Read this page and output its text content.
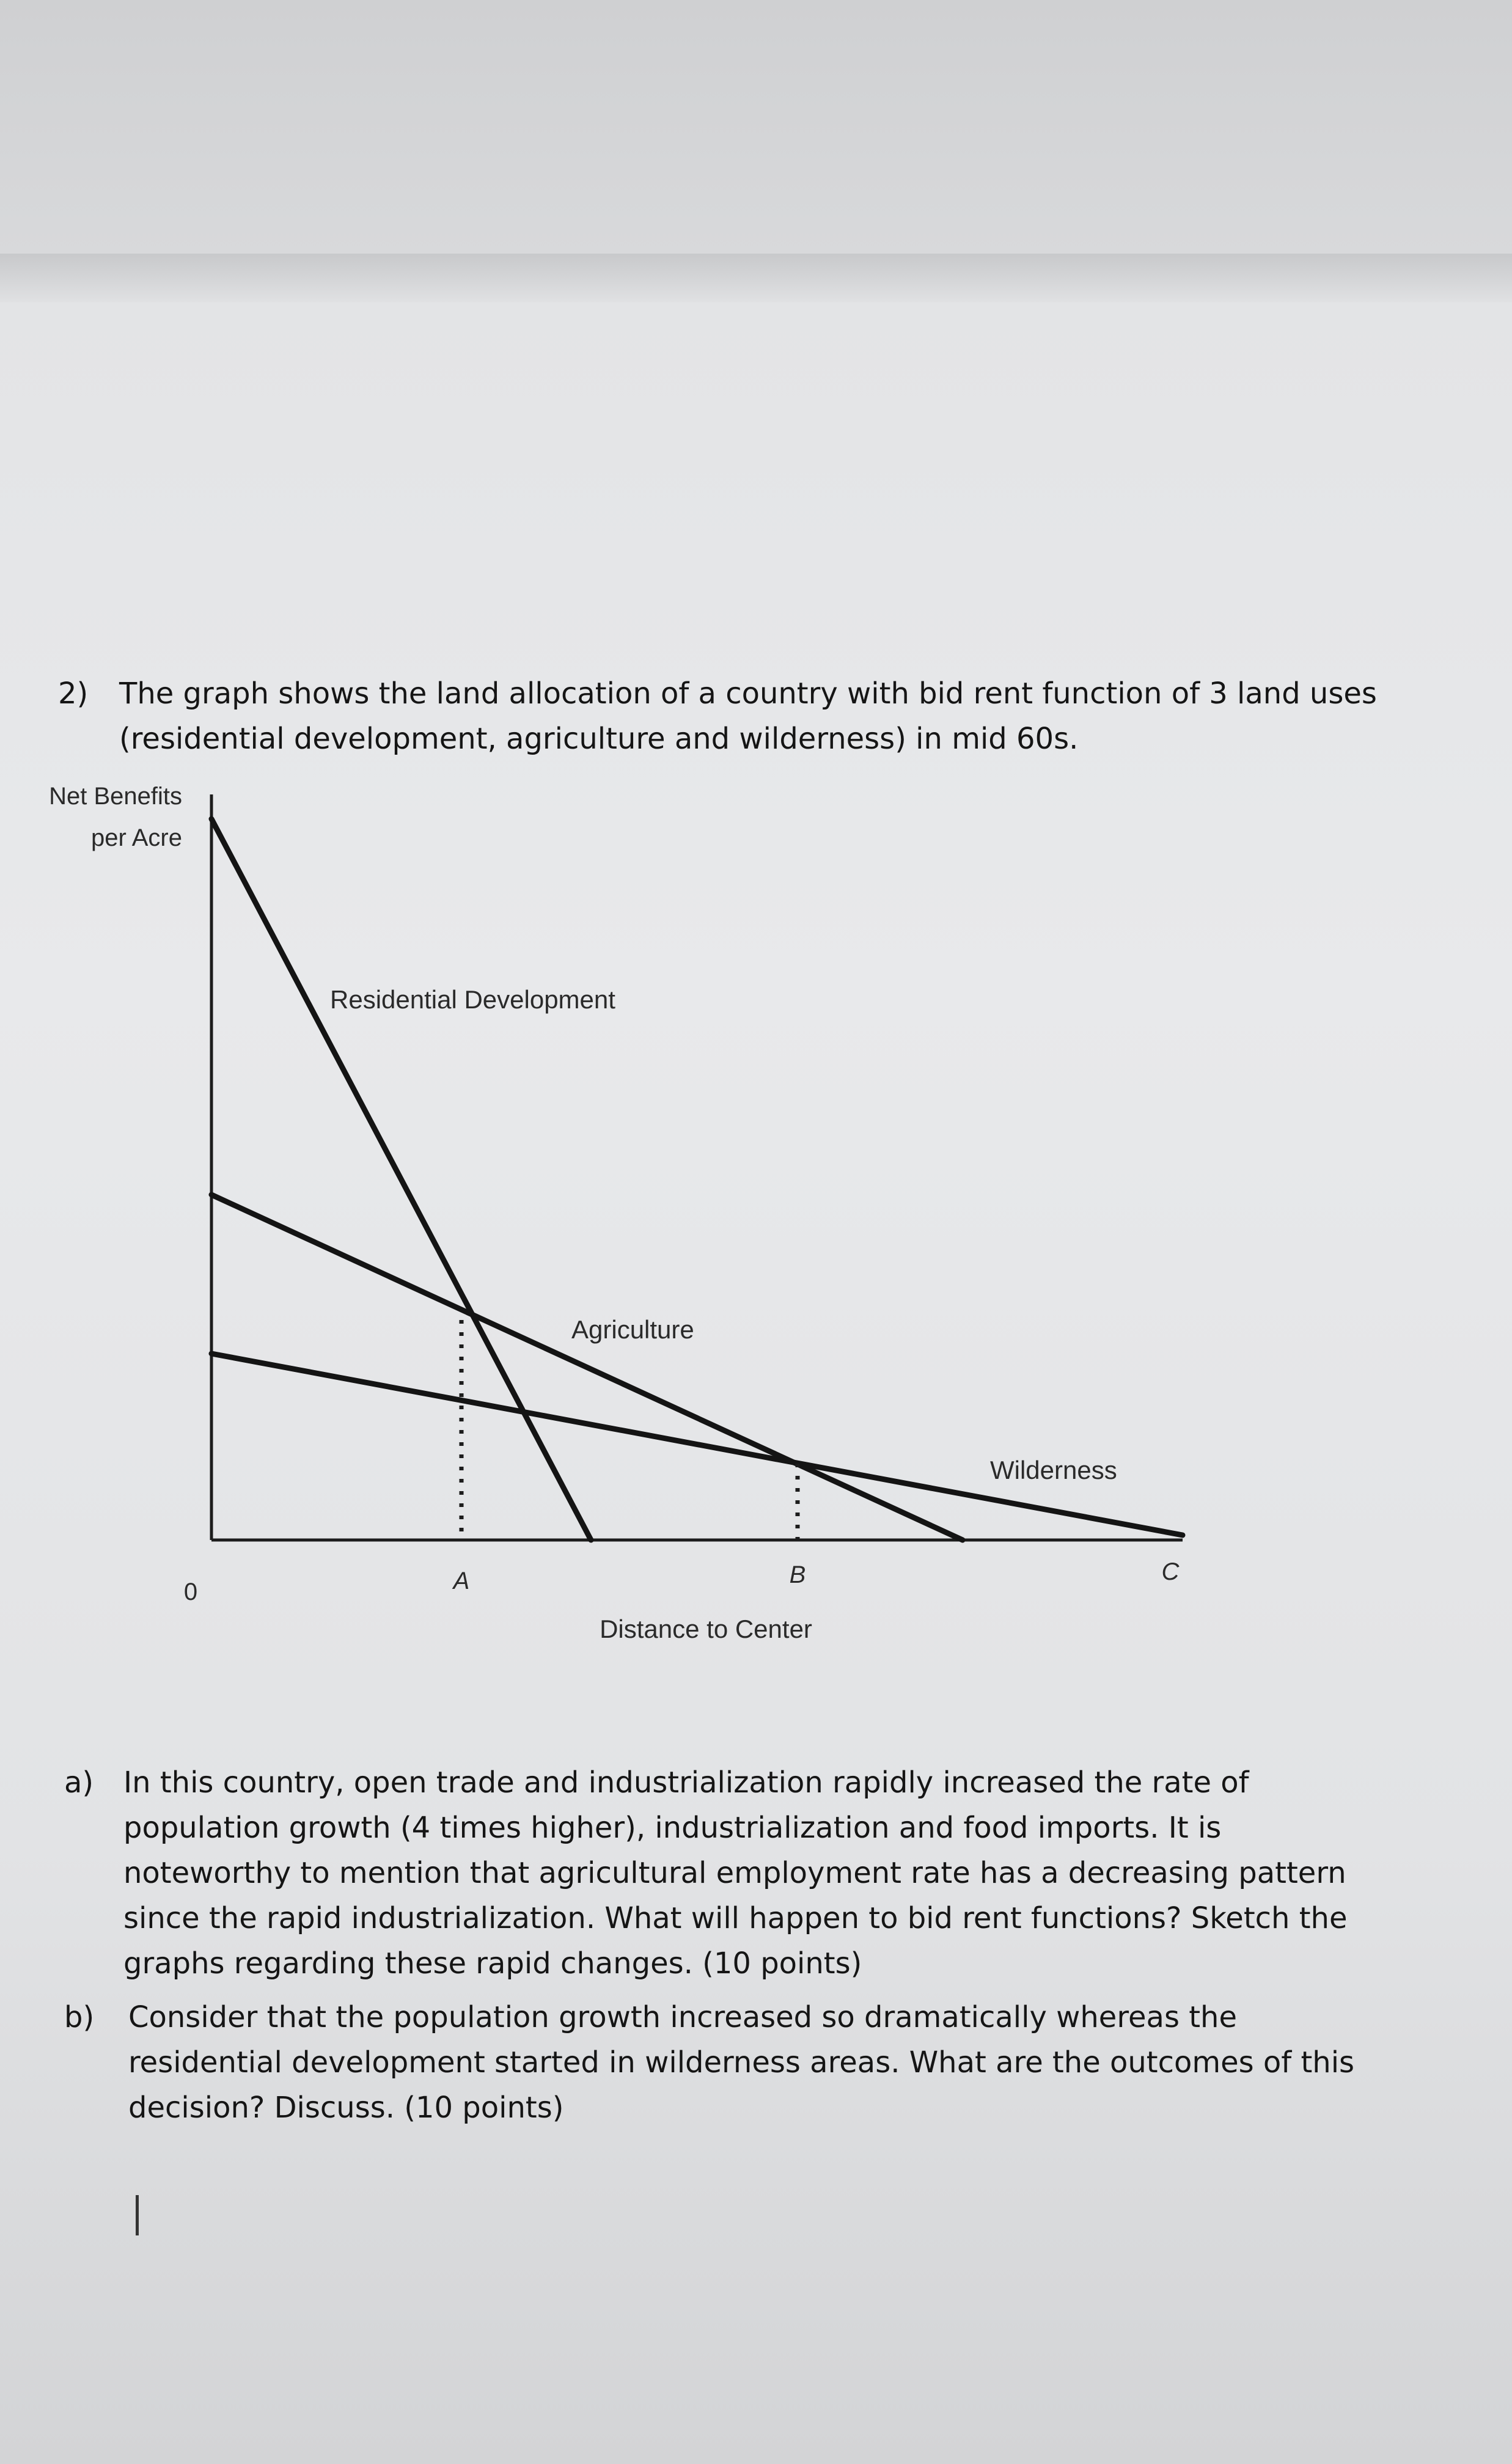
2) The graph shows the land allocation of a country with bid rent function of 3 land uses
(residential development, agriculture and wilderness) in mid 60s.
Net Benefits
per Acre
Residential Development
Agriculture
Wilderness
0	A	B	C
Distance to Center
a) In this country, open trade and industrialization rapidly increased the rate of
population growth (4 times higher), industrialization and food imports. It is
noteworthy to mention that agricultural employment rate has a decreasing pattern
since the rapid industrialization. What will happen to bid rent functions? Sketch the
graphs regarding these rapid changes. (10 points)
b) Consider that the population growth increased so dramatically whereas the
residential development started in wilderness areas. What are the outcomes of this
decision? Discuss. (10 points)
